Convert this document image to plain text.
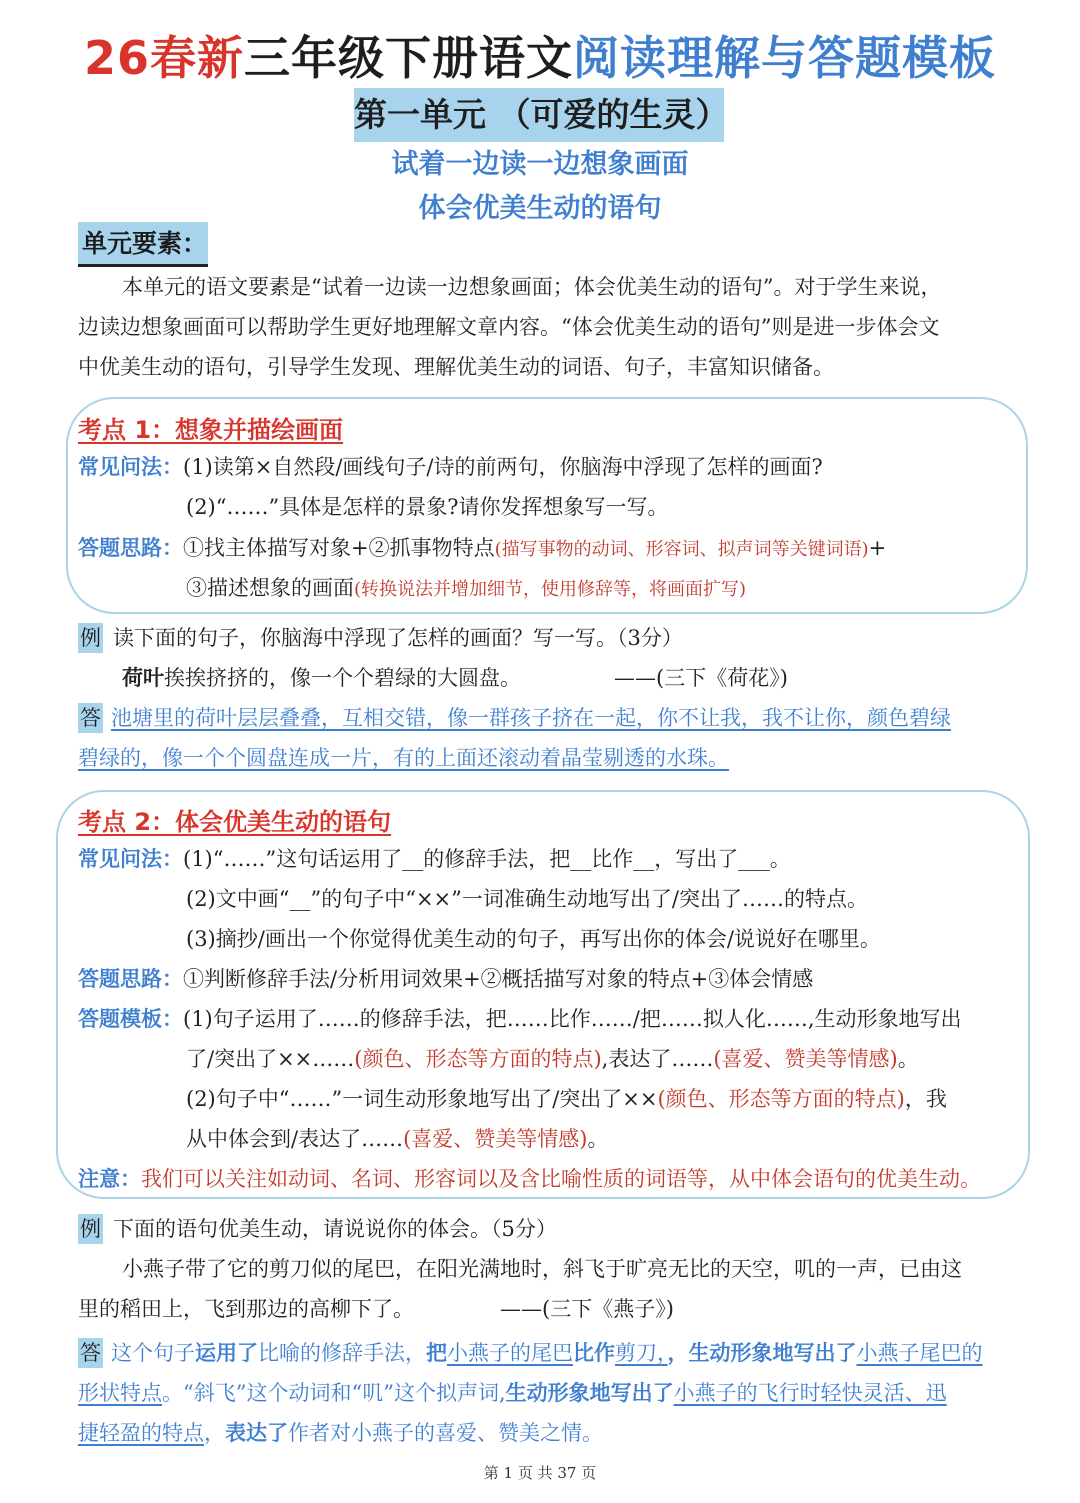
26春新三年级下册语文阅读理解与答题模板
第一单元 （可爱的生灵）
试着一边读一边想象画面
体会优美生动的语句
单元要素：
本单元的语文要素是“试着一边读一边想象画面；体会优美生动的语句”。对于学生来说，
边读边想象画面可以帮助学生更好地理解文章内容。“体会优美生动的语句”则是进一步体会文
中优美生动的语句，引导学生发现、理解优美生动的词语、句子，丰富知识储备。
考点 1：想象并描绘画面
常见问法：(1)读第×自然段/画线句子/诗的前两句，你脑海中浮现了怎样的画面?
(2)“……”具体是怎样的景象?请你发挥想象写一写。
答题思路：①找主体描写对象+②抓事物特点(描写事物的动词、形容词、拟声词等关键词语)+
③描述想象的画面(转换说法并增加细节，使用修辞等，将画面扩写)
例 读下面的句子，你脑海中浮现了怎样的画面？写一写。（3分）
荷叶挨挨挤挤的，像一个个碧绿的大圆盘。	——(三下《荷花》)
答 池塘里的荷叶层层叠叠，互相交错，像一群孩子挤在一起，你不让我，我不让你，颜色碧绿
碧绿的，像一个个圆盘连成一片，有的上面还滚动着晶莹剔透的水珠。
考点 2：体会优美生动的语句
常见问法：(1)“……”这句话运用了__的修辞手法，把__比作__，写出了___。
(2)文中画“__”的句子中“××”一词准确生动地写出了/突出了……的特点。
(3)摘抄/画出一个你觉得优美生动的句子，再写出你的体会/说说好在哪里。
答题思路：①判断修辞手法/分析用词效果+②概括描写对象的特点+③体会情感
答题模板：(1)句子运用了……的修辞手法，把……比作……/把……拟人化……,生动形象地写出
了/突出了××……(颜色、形态等方面的特点),表达了……(喜爱、赞美等情感)。
(2)句子中“……”一词生动形象地写出了/突出了××(颜色、形态等方面的特点)，我
从中体会到/表达了……(喜爱、赞美等情感)。
注意：我们可以关注如动词、名词、形容词以及含比喻性质的词语等，从中体会语句的优美生动。
例 下面的语句优美生动，请说说你的体会。（5分）
小燕子带了它的剪刀似的尾巴，在阳光满地时，斜飞于旷亮无比的天空，叽的一声，已由这
里的稻田上，飞到那边的高柳下了。	——(三下《燕子》)
答 这个句子运用了比喻的修辞手法，把小燕子的尾巴比作剪刀，，生动形象地写出了小燕子尾巴的
形状特点。“斜飞”这个动词和“叽”这个拟声词,生动形象地写出了小燕子的飞行时轻快灵活、迅
捷轻盈的特点，表达了作者对小燕子的喜爱、赞美之情。
第 1 页 共 37 页
